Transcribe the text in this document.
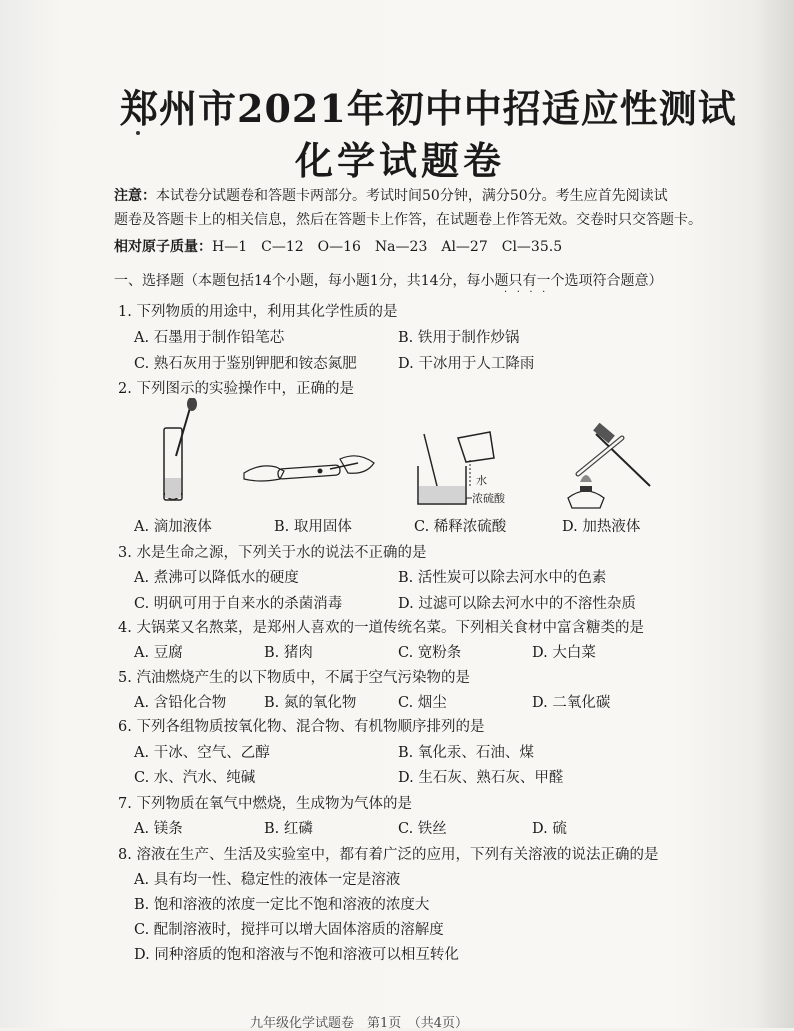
郑州市2021年初中中招适应性测试
化学试题卷
注意：本试卷分试题卷和答题卡两部分。考试时间50分钟，满分50分。考生应首先阅读试
题卷及答题卡上的相关信息，然后在答题卡上作答，在试题卷上作答无效。交卷时只交答题卡。
相对原子质量：H—1　C—12　O—16　Na—23　Al—27　Cl—35.5
一、选择题（本题包括14个小题，每小题1分，共14分，每小题只有一个选项符合题意）
·   ·   ·   ·
1. 下列物质的用途中，利用其化学性质的是
A. 石墨用于制作铅笔芯	B. 铁用于制作炒锅
C. 熟石灰用于鉴别钾肥和铵态氮肥	D. 干冰用于人工降雨
2. 下列图示的实验操作中，正确的是
水
浓硫酸
A. 滴加液体	B. 取用固体	C. 稀释浓硫酸	D. 加热液体
3. 水是生命之源，下列关于水的说法不正确的是
A. 煮沸可以降低水的硬度	B. 活性炭可以除去河水中的色素
C. 明矾可用于自来水的杀菌消毒	D. 过滤可以除去河水中的不溶性杂质
4. 大锅菜又名熬菜，是郑州人喜欢的一道传统名菜。下列相关食材中富含糖类的是
A. 豆腐	B. 猪肉	C. 宽粉条	D. 大白菜
5. 汽油燃烧产生的以下物质中，不属于空气污染物的是
A. 含铅化合物	B. 氮的氧化物	C. 烟尘	D. 二氧化碳
6. 下列各组物质按氧化物、混合物、有机物顺序排列的是
A. 干冰、空气、乙醇	B. 氧化汞、石油、煤
C. 水、汽水、纯碱	D. 生石灰、熟石灰、甲醛
7. 下列物质在氧气中燃烧，生成物为气体的是
A. 镁条	B. 红磷	C. 铁丝	D. 硫
8. 溶液在生产、生活及实验室中，都有着广泛的应用，下列有关溶液的说法正确的是
A. 具有均一性、稳定性的液体一定是溶液
B. 饱和溶液的浓度一定比不饱和溶液的浓度大
C. 配制溶液时，搅拌可以增大固体溶质的溶解度
D. 同种溶质的饱和溶液与不饱和溶液可以相互转化
九年级化学试题卷　第1页　（共4页）
